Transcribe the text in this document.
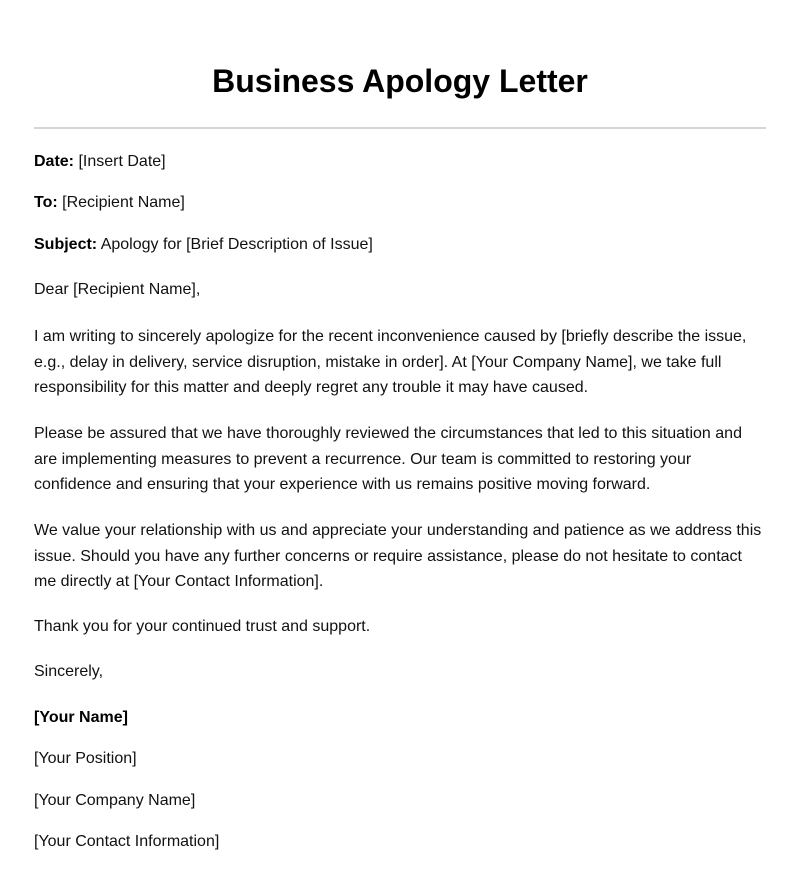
Business Apology Letter
Date: [Insert Date]
To: [Recipient Name]
Subject: Apology for [Brief Description of Issue]
Dear [Recipient Name],

I am writing to sincerely apologize for the recent inconvenience caused by [briefly describe the issue, e.g., delay in delivery, service disruption, mistake in order]. At [Your Company Name], we take full responsibility for this matter and deeply regret any trouble it may have caused.

Please be assured that we have thoroughly reviewed the circumstances that led to this situation and are implementing measures to prevent a recurrence. Our team is committed to restoring your confidence and ensuring that your experience with us remains positive moving forward.

We value your relationship with us and appreciate your understanding and patience as we address this issue. Should you have any further concerns or require assistance, please do not hesitate to contact me directly at [Your Contact Information].

Thank you for your continued trust and support.

Sincerely,
[Your Name]
[Your Position]
[Your Company Name]
[Your Contact Information]
